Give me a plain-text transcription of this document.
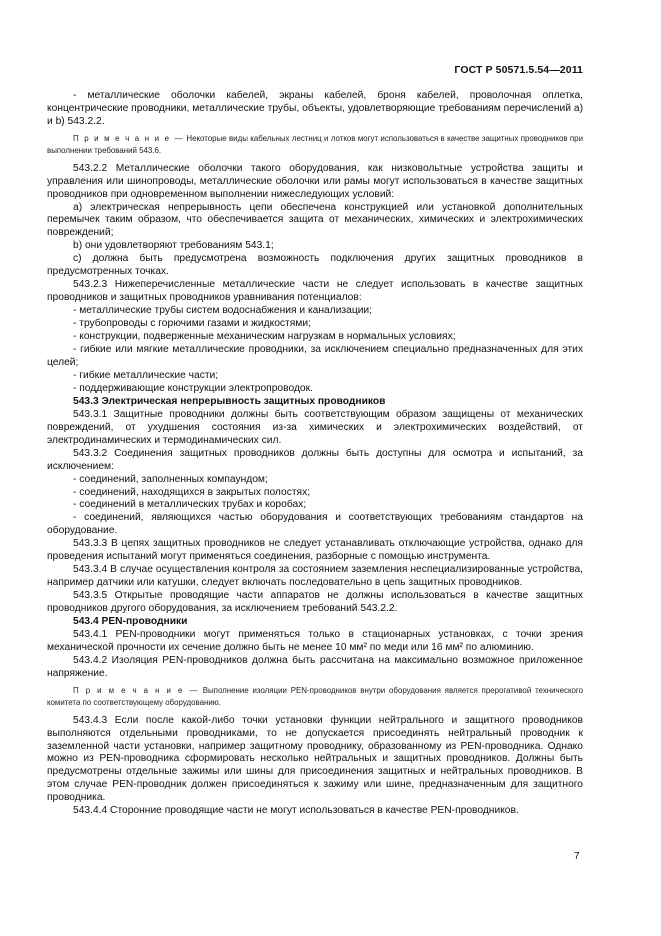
ГОСТ Р 50571.5.54—2011

- металлические оболочки кабелей, экраны кабелей, броня кабелей, проволочная оплетка, концентрические проводники, металлические трубы, объекты, удовлетворяющие требованиям перечислений а) и b) 543.2.2.

П р и м е ч а н и е — Некоторые виды кабельных лестниц и лотков могут использоваться в качестве защитных проводников при выполнении требований 543.6.

543.2.2 Металлические оболочки такого оборудования, как низковольтные устройства защиты и управления или шинопроводы, металлические оболочки или рамы могут использоваться в качестве защитных проводников при одновременном выполнении нижеследующих условий:

а) электрическая непрерывность цепи обеспечена конструкцией или установкой дополнительных перемычек таким образом, что обеспечивается защита от механических, химических и электрохимических повреждений;

b) они удовлетворяют требованиям 543.1;

с) должна быть предусмотрена возможность подключения других защитных проводников в предусмотренных точках.

543.2.3 Нижеперечисленные металлические части не следует использовать в качестве защитных проводников и защитных проводников уравнивания потенциалов:

- металлические трубы систем водоснабжения и канализации;

- трубопроводы с горючими газами и жидкостями;

- конструкции, подверженные механическим нагрузкам в нормальных условиях;

- гибкие или мягкие металлические проводники, за исключением специально предназначенных для этих целей;

- гибкие металлические части;

- поддерживающие конструкции электропроводок.

543.3 Электрическая непрерывность защитных проводников

543.3.1 Защитные проводники должны быть соответствующим образом защищены от механических повреждений, от ухудшения состояния из-за химических и электрохимических воздействий, от электродинамических и термодинамических сил.

543.3.2 Соединения защитных проводников должны быть доступны для осмотра и испытаний, за исключением:

- соединений, заполненных компаундом;

- соединений, находящихся в закрытых полостях;

- соединений в металлических трубах и коробах;

- соединений, являющихся частью оборудования и соответствующих требованиям стандартов на оборудование.

543.3.3 В цепях защитных проводников не следует устанавливать отключающие устройства, однако для проведения испытаний могут применяться соединения, разборные с помощью инструмента.

543.3.4 В случае осуществления контроля за состоянием заземления неспециализированные устройства, например датчики или катушки, следует включать последовательно в цепь защитных проводников.

543.3.5 Открытые проводящие части аппаратов не должны использоваться в качестве защитных проводников другого оборудования, за исключением требований 543.2.2.

543.4 PEN-проводники

543.4.1 PEN-проводники могут применяться только в стационарных установках, с точки зрения механической прочности их сечение должно быть не менее 10 мм² по меди или 16 мм² по алюминию.

543.4.2 Изоляция PEN-проводников должна быть рассчитана на максимально возможное приложенное напряжение.

П р и м е ч а н и е — Выполнение изоляции PEN-проводников внутри оборудования является прерогативой технического комитета по соответствующему оборудованию.

543.4.3 Если после какой-либо точки установки функции нейтрального и защитного проводников выполняются отдельными проводниками, то не допускается присоединять нейтральный проводник к заземленной части установки, например защитному проводнику, образованному из PEN-проводника. Однако можно из PEN-проводника сформировать несколько нейтральных и защитных проводников. Должны быть предусмотрены отдельные зажимы или шины для присоединения защитных и нейтральных проводников. В этом случае PEN-проводник должен присоединяться к зажиму или шине, предназначенным для защитного проводника.

543.4.4 Сторонние проводящие части не могут использоваться в качестве PEN-проводников.

7
